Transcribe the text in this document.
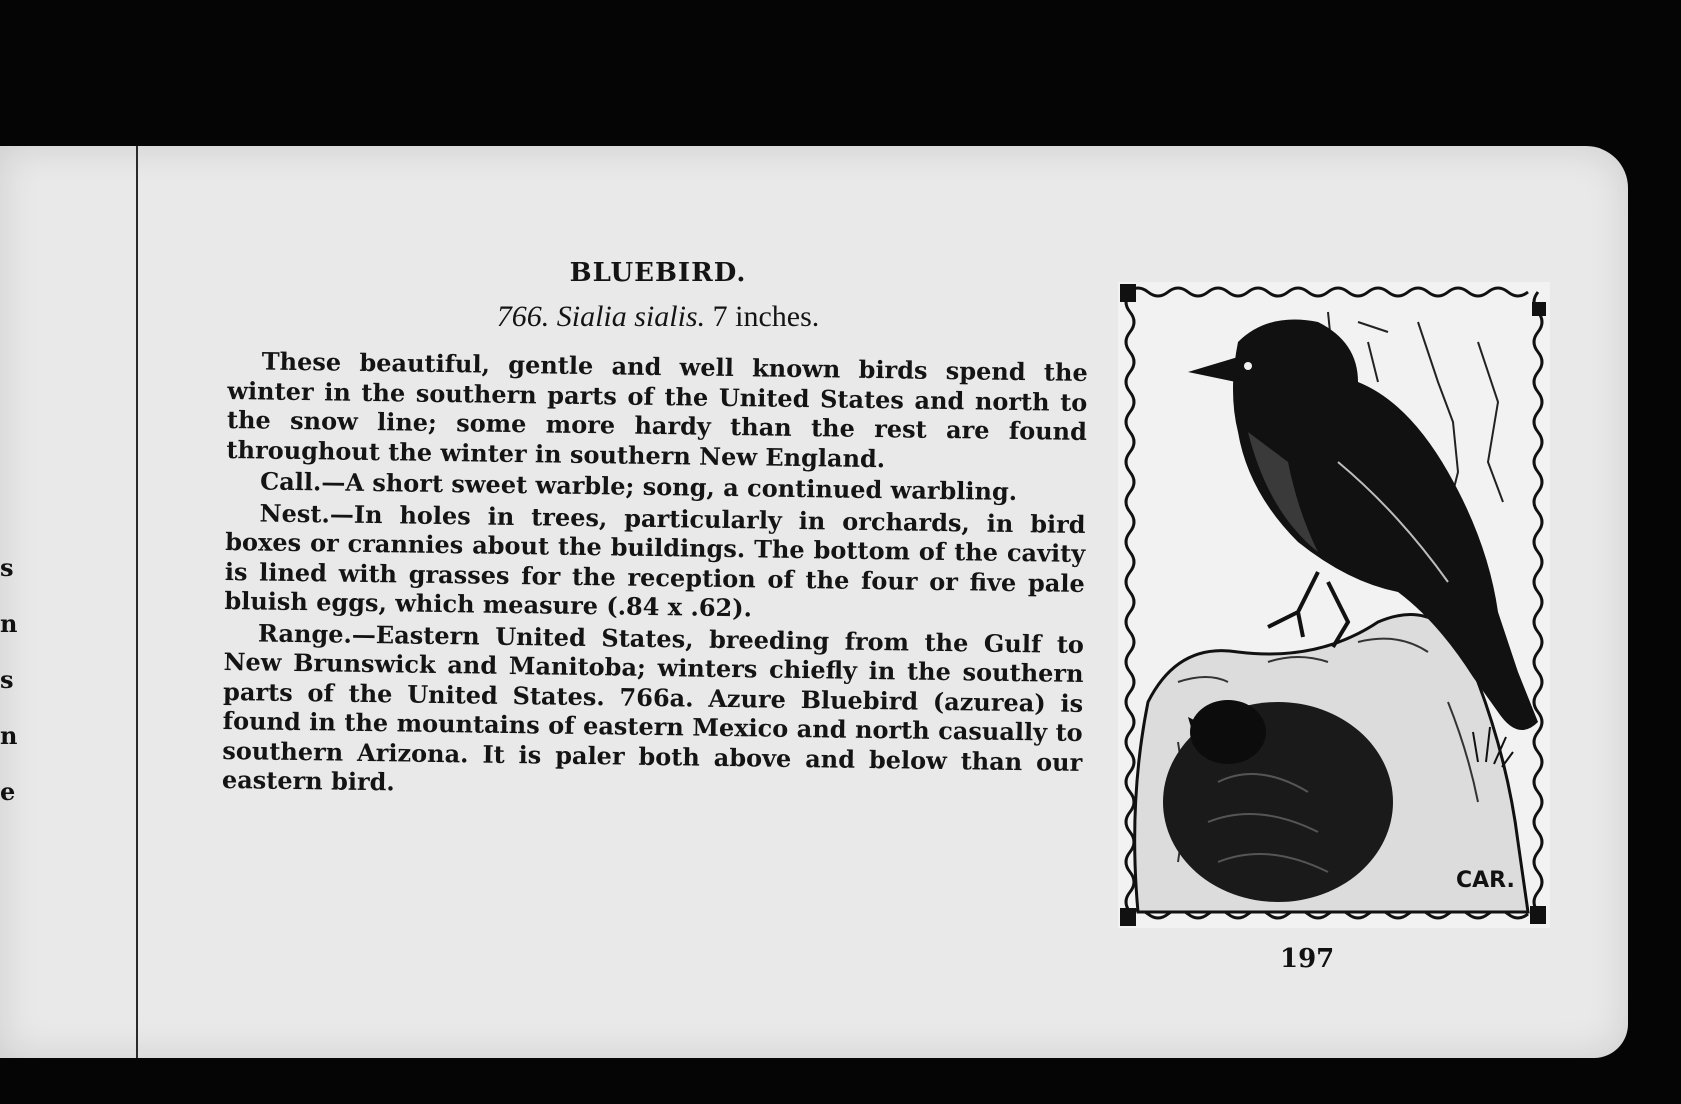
s
n
s
n
e
BLUEBIRD.
766. Sialia sialis. 7 inches.

These beautiful, gentle and well known birds spend the winter in the southern parts of the United States and north to the snow line; some more hardy than the rest are found throughout the winter in southern New England.

Call.—A short sweet warble; song, a continued warbling.

Nest.—In holes in trees, particularly in orchards, in bird boxes or crannies about the buildings. The bottom of the cavity is lined with grasses for the reception of the four or five pale bluish eggs, which measure (.84 x .62).

Range.—Eastern United States, breeding from the Gulf to New Brunswick and Manitoba; winters chiefly in the southern parts of the United States. 766a. Azure Bluebird (azurea) is found in the mountains of eastern Mexico and north casually to southern Arizona. It is paler both above and below than our eastern bird.

CAR.
197
